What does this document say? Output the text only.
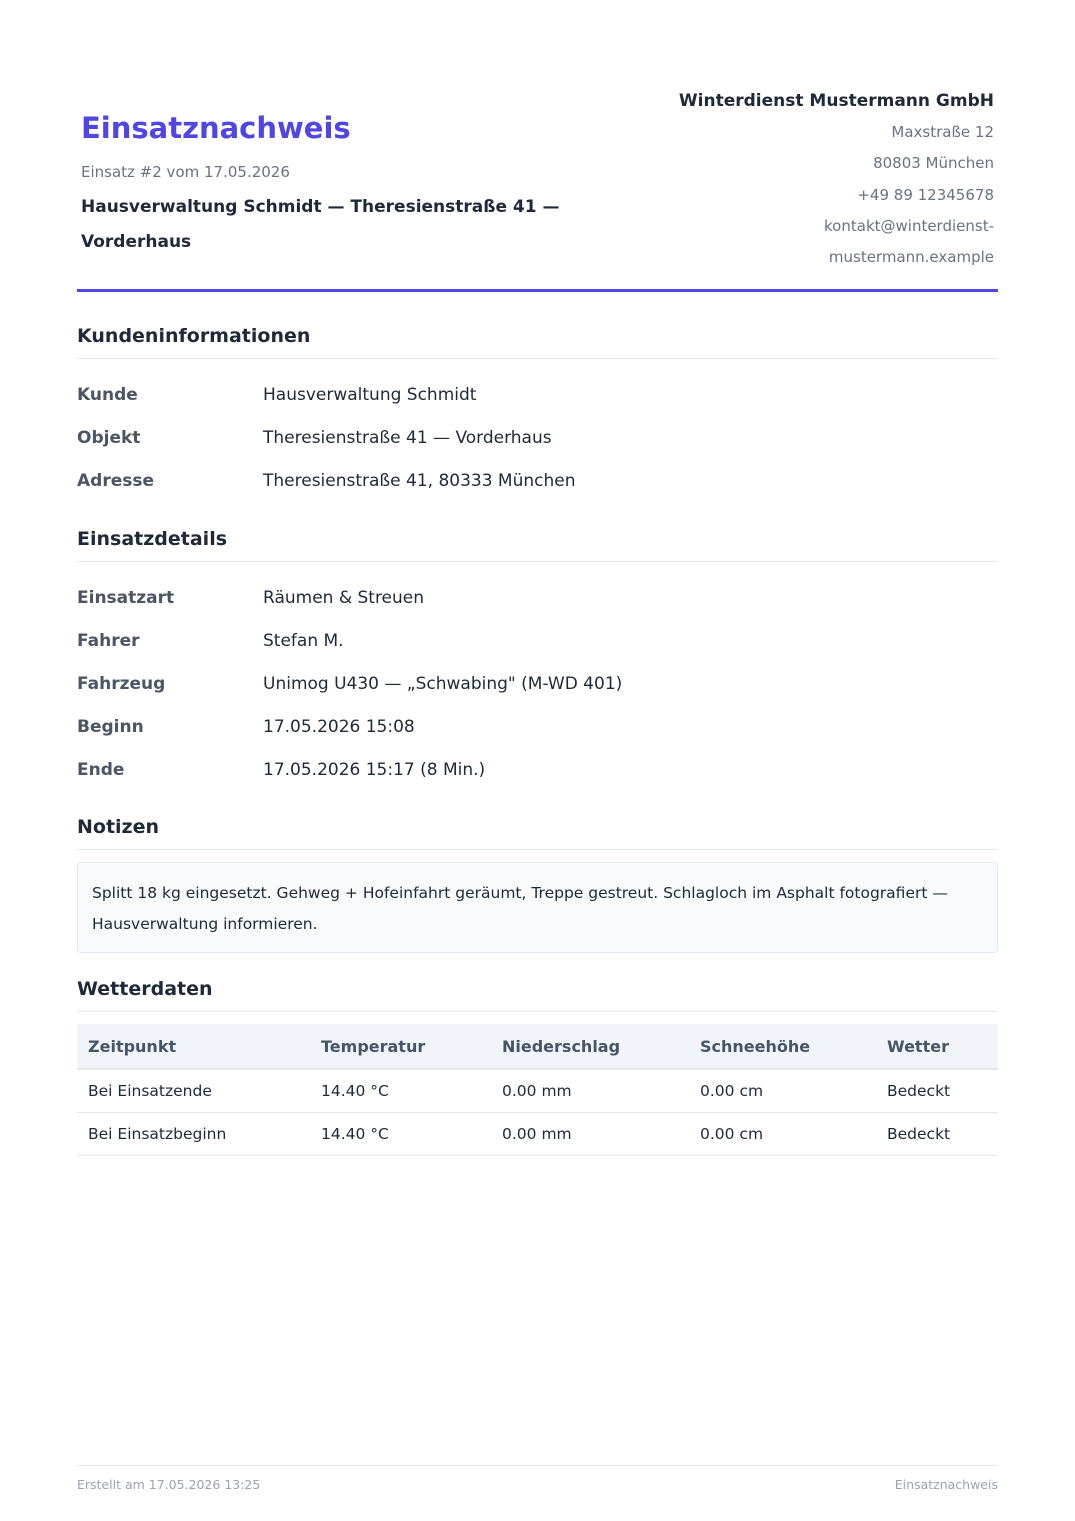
Einsatznachweis
Einsatz #2 vom 17.05.2026
Hausverwaltung Schmidt — Theresienstraße 41 — Vorderhaus
Winterdienst Mustermann GmbH
Maxstraße 12
80803 München
+49 89 12345678
kontakt@winterdienst-
mustermann.example
Kundeninformationen
Kunde	Hausverwaltung Schmidt
Objekt	Theresienstraße 41 — Vorderhaus
Adresse	Theresienstraße 41, 80333 München
Einsatzdetails
Einsatzart	Räumen & Streuen
Fahrer	Stefan M.
Fahrzeug	Unimog U430 — „Schwabing" (M-WD 401)
Beginn	17.05.2026 15:08
Ende	17.05.2026 15:17 (8 Min.)
Notizen
Splitt 18 kg eingesetzt. Gehweg + Hofeinfahrt geräumt, Treppe gestreut. Schlagloch im Asphalt fotografiert — Hausverwaltung informieren.
Wetterdaten
Zeitpunkt	Temperatur	Niederschlag	Schneehöhe	Wetter
Bei Einsatzende	14.40 °C	0.00 mm	0.00 cm	Bedeckt
Bei Einsatzbeginn	14.40 °C	0.00 mm	0.00 cm	Bedeckt
Erstellt am 17.05.2026 13:25	Einsatznachweis
